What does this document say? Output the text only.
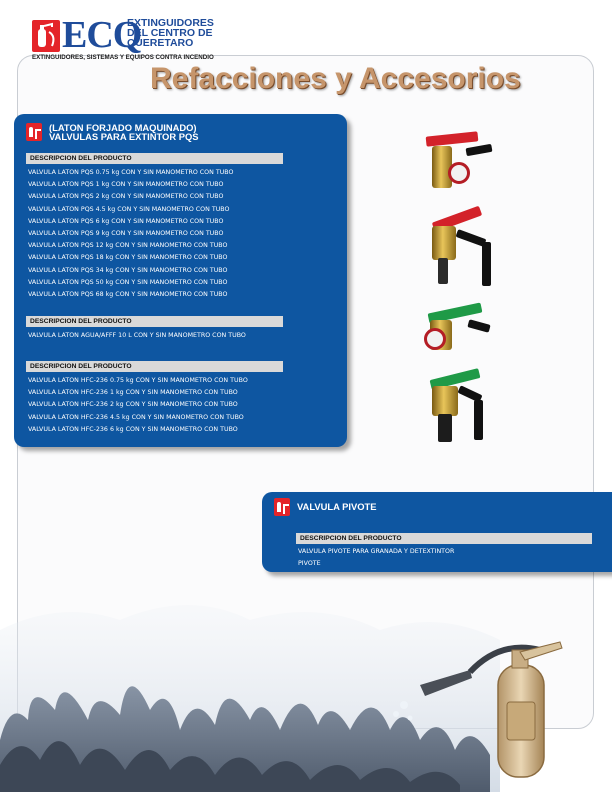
ECQ
EXTINGUIDORES DEL CENTRO DE QUERETARO
EXTINGUIDORES, SISTEMAS Y EQUIPOS CONTRA INCENDIO
Refacciones y Accesorios
(LATON FORJADO MAQUINADO)
VALVULAS PARA EXTINTOR PQS
DESCRIPCION DEL PRODUCTO
VALVULA LATON PQS 0.75 kg CON Y SIN MANOMETRO CON TUBO
VALVULA LATON PQS 1 kg CON Y SIN MANOMETRO CON TUBO
VALVULA LATON PQS 2 kg CON Y SIN MANOMETRO CON TUBO
VALVULA LATON PQS 4.5 kg CON Y SIN MANOMETRO CON TUBO
VALVULA LATON PQS 6 kg CON Y SIN MANOMETRO CON TUBO
VALVULA LATON PQS 9 kg CON Y SIN MANOMETRO CON TUBO
VALVULA LATON PQS 12 kg CON Y SIN MANOMETRO CON TUBO
VALVULA LATON PQS 18 kg CON Y SIN MANOMETRO CON TUBO
VALVULA LATON PQS 34 kg CON Y SIN MANOMETRO CON TUBO
VALVULA LATON PQS 50 kg CON Y SIN MANOMETRO CON TUBO
VALVULA LATON PQS 68 kg CON Y SIN MANOMETRO CON TUBO
DESCRIPCION DEL PRODUCTO
VALVULA LATON AGUA/AFFF 10 L CON Y SIN MANOMETRO CON TUBO
DESCRIPCION DEL PRODUCTO
VALVULA LATON HFC-236 0.75 kg CON Y SIN MANOMETRO CON TUBO
VALVULA LATON HFC-236 1 kg CON Y SIN MANOMETRO CON TUBO
VALVULA LATON HFC-236 2 kg CON Y SIN MANOMETRO CON TUBO
VALVULA LATON HFC-236 4.5 kg CON Y SIN MANOMETRO CON TUBO
VALVULA LATON HFC-236 6 kg CON Y SIN MANOMETRO CON TUBO
VALVULA PIVOTE
DESCRIPCION DEL PRODUCTO
VALVULA PIVOTE PARA GRANADA Y DETEXTINTOR
PIVOTE
